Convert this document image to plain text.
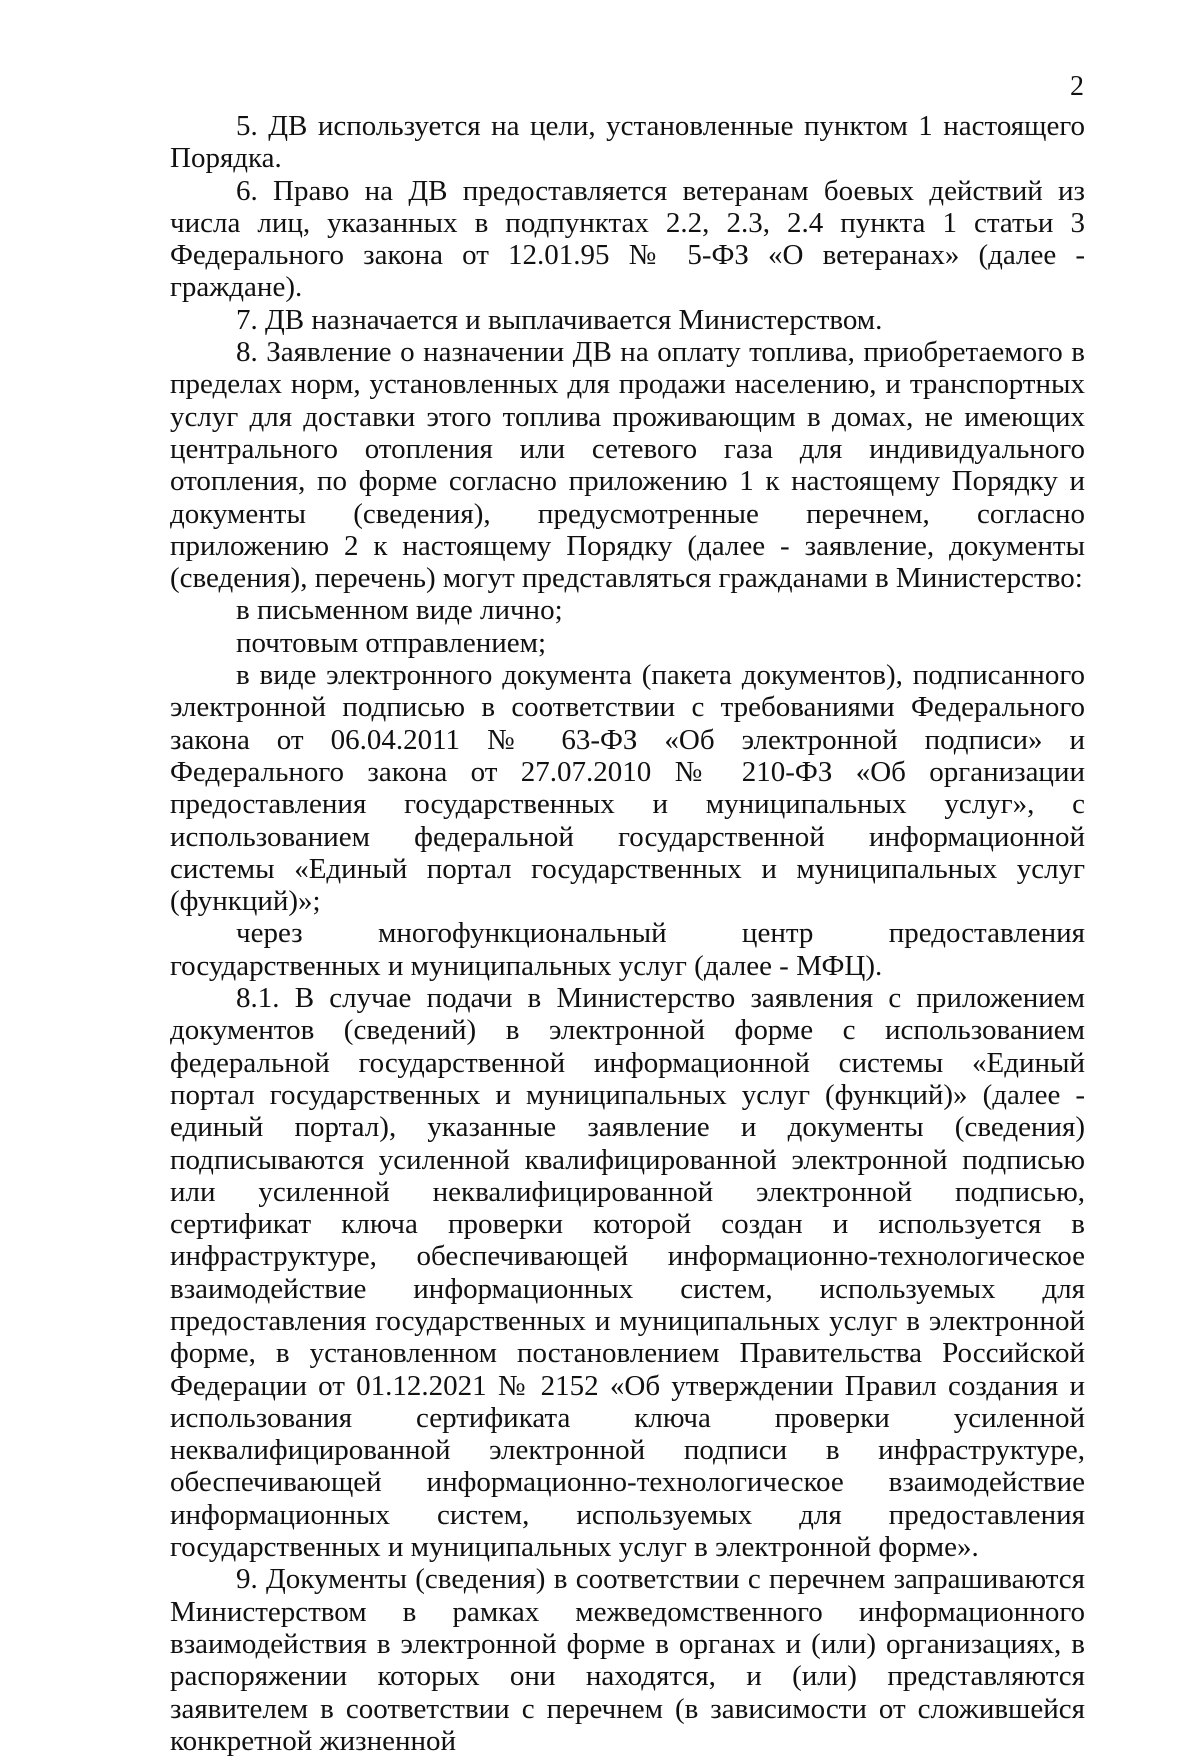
2

5. ДВ используется на цели, установленные пунктом 1 настоящего Порядка.

6. Право на ДВ предоставляется ветеранам боевых действий из числа лиц, указанных в подпунктах 2.2, 2.3, 2.4 пункта 1 статьи 3 Федерального закона от 12.01.95 № 5-ФЗ «О ветеранах» (далее - граждане).

7. ДВ назначается и выплачивается Министерством.

8. Заявление о назначении ДВ на оплату топлива, приобретаемого в пределах норм, установленных для продажи населению, и транспортных услуг для доставки этого топлива проживающим в домах, не имеющих центрального отопления или сетевого газа для индивидуального отопления, по форме согласно приложению 1 к настоящему Порядку и документы (сведения), предусмотренные перечнем, согласно приложению 2 к настоящему Порядку (далее - заявление, документы (сведения), перечень) могут представляться гражданами в Министерство:

в письменном виде лично;

почтовым отправлением;

в виде электронного документа (пакета документов), подписанного электронной подписью в соответствии с требованиями Федерального закона от 06.04.2011 № 63-ФЗ «Об электронной подписи» и Федерального закона от 27.07.2010 № 210-ФЗ «Об организации предоставления государственных и муниципальных услуг», с использованием федеральной государственной информационной системы «Единый портал государственных и муниципальных услуг (функций)»;

через многофункциональный центр предоставления государственных и муниципальных услуг (далее - МФЦ).

8.1. В случае подачи в Министерство заявления с приложением документов (сведений) в электронной форме с использованием федеральной государственной информационной системы «Единый портал государственных и муниципальных услуг (функций)» (далее - единый портал), указанные заявление и документы (сведения) подписываются усиленной квалифицированной электронной подписью или усиленной неквалифицированной электронной подписью, сертификат ключа проверки которой создан и используется в инфраструктуре, обеспечивающей информационно-технологическое взаимодействие информационных систем, используемых для предоставления государственных и муниципальных услуг в электронной форме, в установленном постановлением Правительства Российской Федерации от 01.12.2021 № 2152 «Об утверждении Правил создания и использования сертификата ключа проверки усиленной неквалифицированной электронной подписи в инфраструктуре, обеспечивающей информационно-технологическое взаимодействие информационных систем, используемых для предоставления государственных и муниципальных услуг в электронной форме».

9. Документы (сведения) в соответствии с перечнем запрашиваются Министерством в рамках межведомственного информационного взаимодействия в электронной форме в органах и (или) организациях, в распоряжении которых они находятся, и (или) представляются заявителем в соответствии с перечнем (в зависимости от сложившейся конкретной жизненной
